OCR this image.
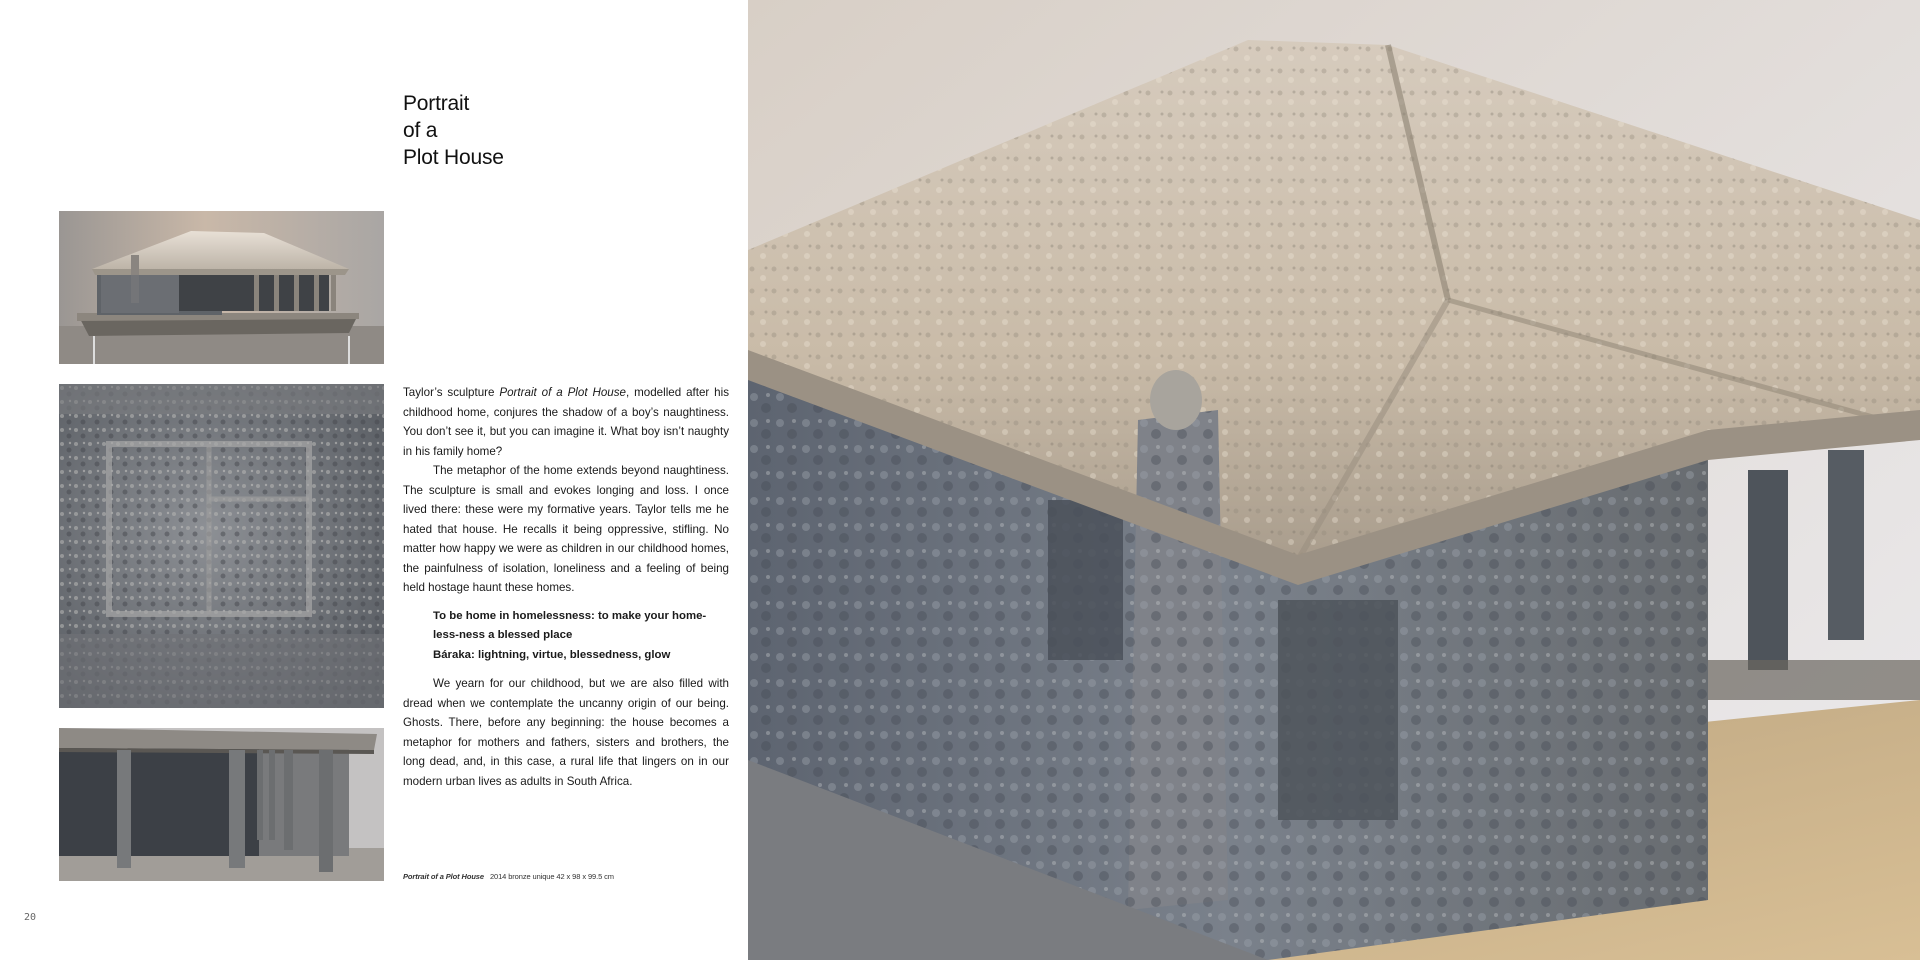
Portrait
of a
Plot House

Taylor’s sculpture Portrait of a Plot House, modelled after his childhood home, conjures the shadow of a boy’s naughtiness. You don’t see it, but you can imagine it. What boy isn’t naughty in his family home?

The metaphor of the home extends beyond naughtiness. The sculpture is small and evokes longing and loss. I once lived there: these were my formative years. Taylor tells me he hated that house. He recalls it being oppressive, stifling. No matter how happy we were as children in our childhood homes, the painfulness of isolation, loneliness and a feeling of being held hostage haunt these homes.

To be home in homelessness: to make your home-less-ness a blessed place
Báraka: lightning, virtue, blessedness, glow

We yearn for our childhood, but we are also filled with dread when we contemplate the uncanny origin of our being. Ghosts. There, before any beginning: the house becomes a metaphor for mothers and fathers, sisters and brothers, the long dead, and, in this case, a rural life that lingers on in our modern urban lives as adults in South Africa.

Portrait of a Plot House 2014 bronze unique 42 x 98 x 99.5 cm
20
